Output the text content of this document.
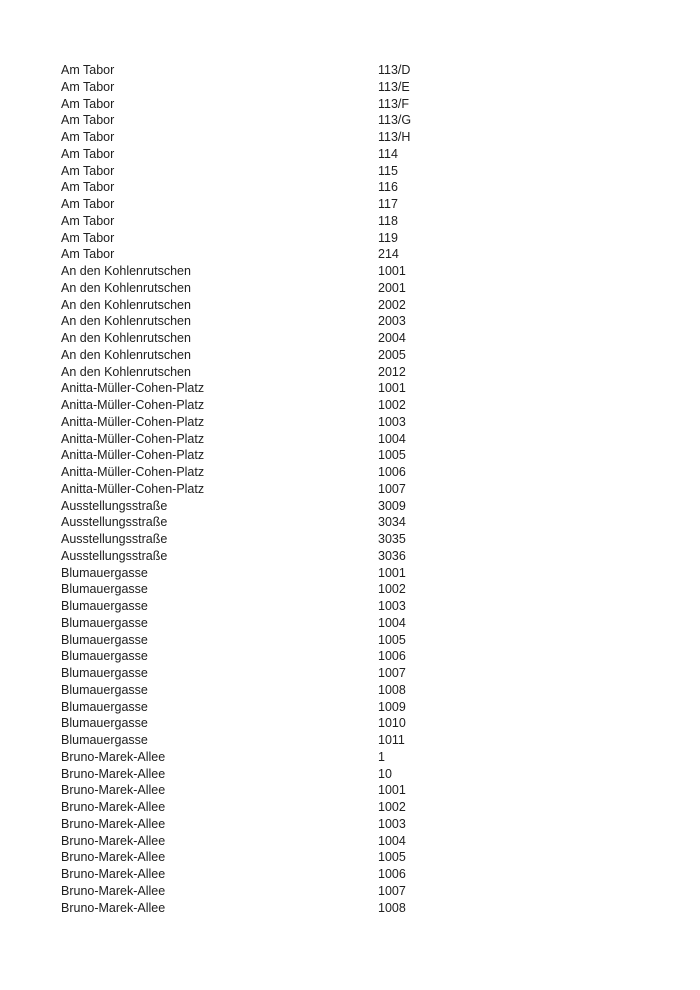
Am Tabor	113/D
Am Tabor	113/E
Am Tabor	113/F
Am Tabor	113/G
Am Tabor	113/H
Am Tabor	114
Am Tabor	115
Am Tabor	116
Am Tabor	117
Am Tabor	118
Am Tabor	119
Am Tabor	214
An den Kohlenrutschen	1001
An den Kohlenrutschen	2001
An den Kohlenrutschen	2002
An den Kohlenrutschen	2003
An den Kohlenrutschen	2004
An den Kohlenrutschen	2005
An den Kohlenrutschen	2012
Anitta-Müller-Cohen-Platz	1001
Anitta-Müller-Cohen-Platz	1002
Anitta-Müller-Cohen-Platz	1003
Anitta-Müller-Cohen-Platz	1004
Anitta-Müller-Cohen-Platz	1005
Anitta-Müller-Cohen-Platz	1006
Anitta-Müller-Cohen-Platz	1007
Ausstellungsstraße	3009
Ausstellungsstraße	3034
Ausstellungsstraße	3035
Ausstellungsstraße	3036
Blumauergasse	1001
Blumauergasse	1002
Blumauergasse	1003
Blumauergasse	1004
Blumauergasse	1005
Blumauergasse	1006
Blumauergasse	1007
Blumauergasse	1008
Blumauergasse	1009
Blumauergasse	1010
Blumauergasse	1011
Bruno-Marek-Allee	1
Bruno-Marek-Allee	10
Bruno-Marek-Allee	1001
Bruno-Marek-Allee	1002
Bruno-Marek-Allee	1003
Bruno-Marek-Allee	1004
Bruno-Marek-Allee	1005
Bruno-Marek-Allee	1006
Bruno-Marek-Allee	1007
Bruno-Marek-Allee	1008
